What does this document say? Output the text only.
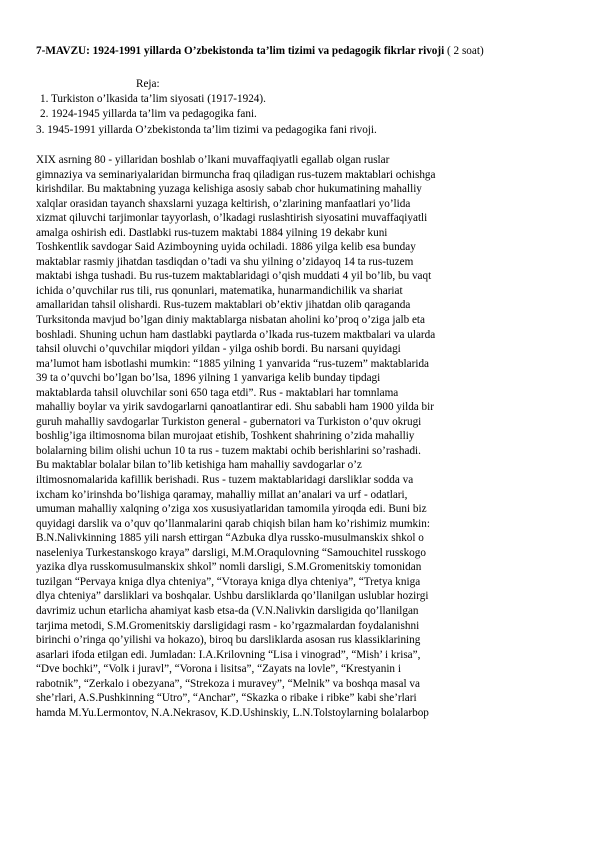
7-MAVZU: 1924-1991 yillarda O’zbekistonda ta’lim tizimi va pedagogik fikrlar rivoji ( 2 soat)
Reja:
1. Turkiston o’lkasida ta’lim siyosati (1917-1924).
2. 1924-1945 yillarda ta’lim va pedagogika fani.
3. 1945-1991 yillarda O’zbekistonda ta’lim tizimi va pedagogika fani rivoji.
XIX asrning 80 - yillaridan boshlab o’lkani muvaffaqiyatli egallab olgan ruslar
gimnaziya va seminariyalaridan birmuncha fraq qiladigan rus-tuzem maktablari ochishga
kirishdilar. Bu maktabning yuzaga kelishiga asosiy sabab chor hukumatining mahalliy
xalqlar orasidan tayanch shaxslarni yuzaga keltirish, o’zlarining manfaatlari yo’lida
xizmat qiluvchi tarjimonlar tayyorlash, o’lkadagi ruslashtirish siyosatini muvaffaqiyatli
amalga oshirish edi. Dastlabki rus-tuzem maktabi 1884 yilning 19 dekabr kuni
Toshkentlik savdogar Said Azimboyning uyida ochiladi. 1886 yilga kelib esa bunday
maktablar rasmiy jihatdan tasdiqdan o’tadi va shu yilning o’zidayoq 14 ta rus-tuzem
maktabi ishga tushadi. Bu rus-tuzem maktablaridagi o’qish muddati 4 yil bo’lib, bu vaqt
ichida o’quvchilar rus tili, rus qonunlari, matematika, hunarmandichilik va shariat
amallaridan tahsil olishardi. Rus-tuzem maktablari ob’ektiv jihatdan olib qaraganda
Turksitonda mavjud bo’lgan diniy maktablarga nisbatan aholini ko’proq o’ziga jalb eta
boshladi. Shuning uchun ham dastlabki paytlarda o’lkada rus-tuzem maktbalari va ularda
tahsil oluvchi o’quvchilar miqdori yildan - yilga oshib bordi. Bu narsani quyidagi
ma’lumot ham isbotlashi mumkin: “1885 yilning 1 yanvarida “rus-tuzem” maktablarida
39 ta o’quvchi bo’lgan bo’lsa, 1896 yilning 1 yanvariga kelib bunday tipdagi
maktablarda tahsil oluvchilar soni 650 taga etdi”. Rus - maktablari har tomnlama
mahalliy boylar va yirik savdogarlarni qanoatlantirar edi. Shu sababli ham 1900 yilda bir
guruh mahalliy savdogarlar Turkiston general - gubernatori va Turkiston o’quv okrugi
boshlig’iga iltimosnoma bilan murojaat etishib, Toshkent shahrining o’zida mahalliy
bolalarning bilim olishi uchun 10 ta rus - tuzem maktabi ochib berishlarini so’rashadi.
Bu maktablar bolalar bilan to’lib ketishiga ham mahalliy savdogarlar o’z
iltimosnomalarida kafillik berishadi. Rus - tuzem maktablaridagi darsliklar sodda va
ixcham ko’irinshda bo’lishiga qaramay, mahalliy millat an’analari va urf - odatlari,
umuman mahalliy xalqning o’ziga xos xususiyatlaridan tamomila yiroqda edi. Buni biz
quyidagi darslik va o’quv qo’llanmalarini qarab chiqish bilan ham ko’rishimiz mumkin:
B.N.Nalivkinning 1885 yili narsh ettirgan “Azbuka dlya russko-musulmanskix shkol o
naseleniya Turkestanskogo kraya” darsligi, M.M.Oraqulovning “Samouchitel russkogo
yazika dlya russkomusulmanskix shkol” nomli darsligi, S.M.Gromenitskiy tomonidan
tuzilgan “Pervaya kniga dlya chteniya”, “Vtoraya kniga dlya chteniya”, “Tretya kniga
dlya chteniya” darsliklari va boshqalar. Ushbu darsliklarda qo’llanilgan uslublar hozirgi
davrimiz uchun etarlicha ahamiyat kasb etsa-da (V.N.Nalivkin darsligida qo’llanilgan
tarjima metodi, S.M.Gromenitskiy darsligidagi rasm - ko’rgazmalardan foydalanishni
birinchi o’ringa qo’yilishi va hokazo), biroq bu darsliklarda asosan rus klassiklarining
asarlari ifoda etilgan edi. Jumladan: I.A.Krilovning “Lisa i vinograd”, “Mish’ i krisa”,
“Dve bochki”, “Volk i juravl”, “Vorona i lisitsa”, “Zayats na lovle”, “Krestyanin i
rabotnik”, “Zerkalo i obezyana”, “Strekoza i muravey”, “Melnik” va boshqa masal va
she’rlari, A.S.Pushkinning “Utro”, “Anchar”, “Skazka o ribake i ribke” kabi she’rlari
hamda M.Yu.Lermontov, N.A.Nekrasov, K.D.Ushinskiy, L.N.Tolstoylarning bolalarbop
